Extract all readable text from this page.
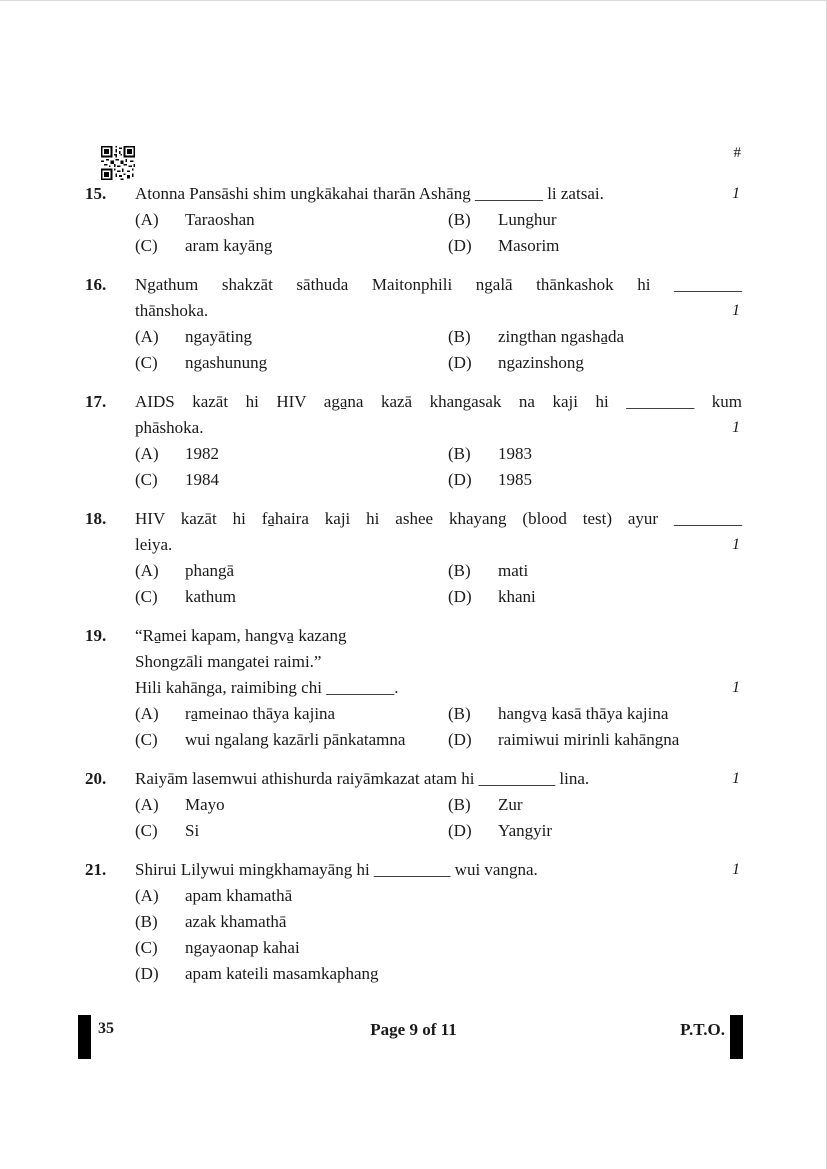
#
15.	Atonna Pansāshi shim ungkākahai tharān Ashāng ________ li zatsai.	1
(A)	Taraoshan	(B)	Lunghur
(C)	aram kayāng	(D)	Masorim
16.	Ngathum shakzāt sāthuda Maitonphili ngalā thānkashok hi ________
thānshoka.	1
(A)	ngayāting	(B)	zingthan ngasha̱da
(C)	ngashunung	(D)	ngazinshong
17.	AIDS kazāt hi HIV aga̱na kazā khangasak na kaji hi ________ kum
phāshoka.	1
(A)	1982	(B)	1983
(C)	1984	(D)	1985
18.	HIV kazāt hi fa̱haira kaji hi ashee khayang (blood test) ayur ________
leiya.	1
(A)	phangā	(B)	mati
(C)	kathum	(D)	khani
19.	“Ra̱mei kapam, hangva̱ kazang
Shongzāli mangatei raimi.”
Hili kahānga, raimibing chi ________.	1
(A)	ra̱meinao thāya kajina	(B)	hangva̱ kasā thāya kajina
(C)	wui ngalang kazārli pānkatamna	(D)	raimiwui mirinli kahāngna
20.	Raiyām lasemwui athishurda raiyāmkazat atam hi _________ lina.	1
(A)	Mayo	(B)	Zur
(C)	Si	(D)	Yangyir
21.	Shirui Lilywui mingkhamayāng hi _________ wui vangna.	1
(A)	apam khamathā
(B)	azak khamathā
(C)	ngayaonap kahai
(D)	apam kateili masamkaphang
35	Page 9 of 11	P.T.O.
